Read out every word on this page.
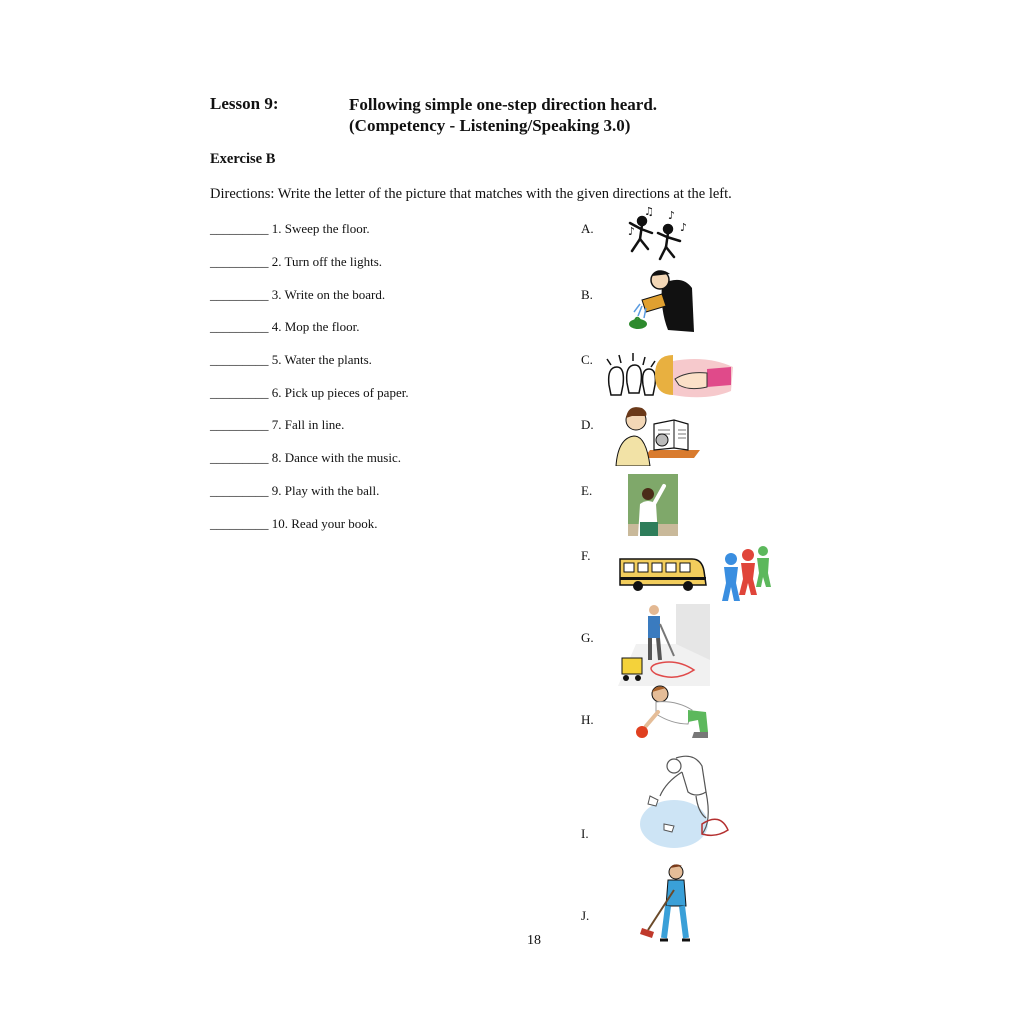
Lesson 9:	Following simple one-step direction heard.
(Competency - Listening/Speaking 3.0)
Exercise B
Directions: Write the letter of the picture that matches with the given directions at the left.
_________ 1. Sweep the floor.
_________ 2. Turn off the lights.
_________ 3. Write on the board.
_________ 4. Mop the floor.
_________ 5. Water the plants.
_________ 6. Pick up pieces of paper.
_________ 7. Fall in line.
_________ 8. Dance with the music.
_________ 9. Play with the ball.
_________ 10. Read your book.
A.
B.
C.
D.
E.
F.
G.
H.
I.
J.
♫ ♪
♪
♪
18
